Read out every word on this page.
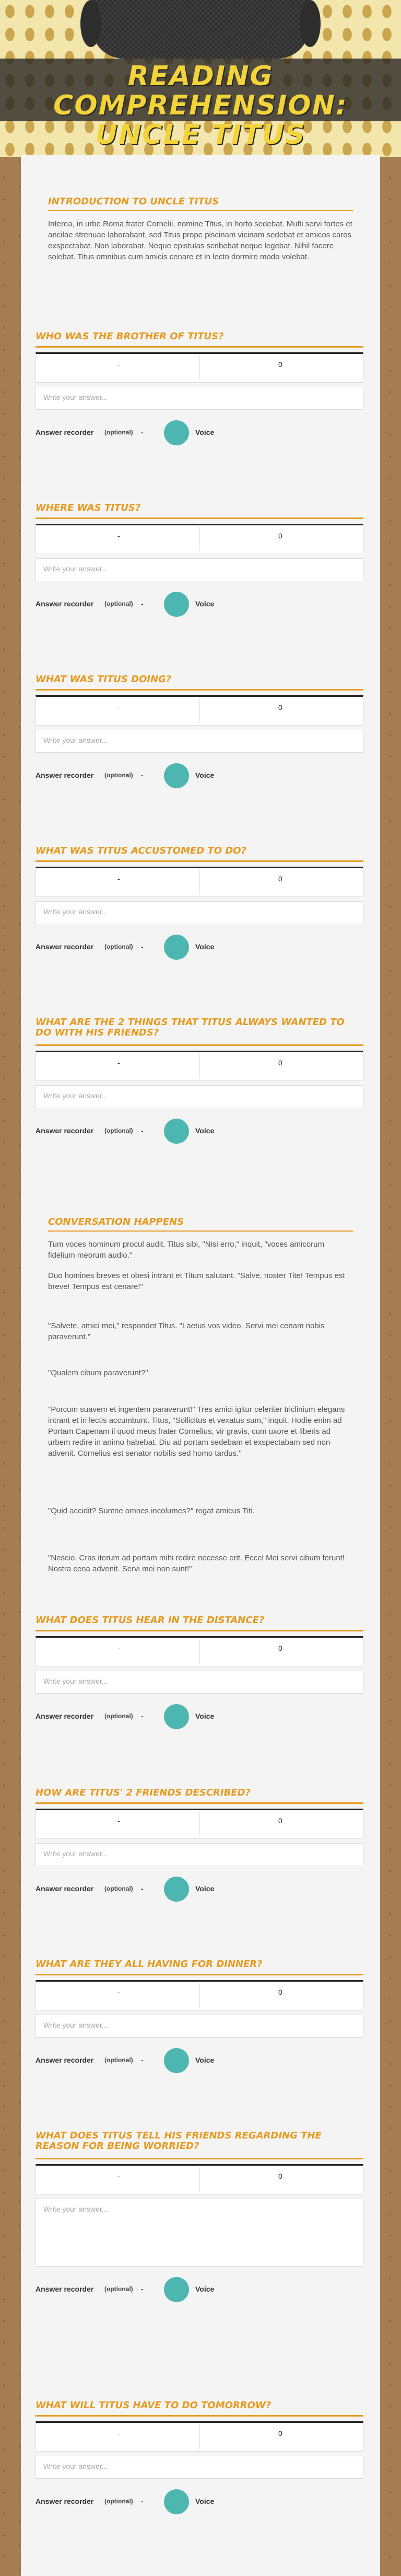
READING COMPREHENSION: UNCLE TITUS
INTRODUCTION TO UNCLE TITUS
Interea, in urbe Roma frater Cornelii, nomine Titus, in horto sedebat. Multi servi fortes et ancilae strenuae laborabant, sed Titus prope piscinam vicinam sedebat et amicos caros exspectabat. Non laborabat. Neque epistulas scribebat neque legebat. Nihil facere solebat. Titus omnibus cum amicis cenare et in lecto dormire modo volebat.
CONVERSATION HAPPENS
Tum voces hominum procul audit. Titus sibi, "Nisi erro," inquit, "voces amicorum fidelium meorum audio."
Duo homines breves et obesi intrant et Titum salutant. "Salve, noster Tite! Tempus est breve! Tempus est cenare!"
"Salvete, amici mei," respondet Titus. "Laetus vos video. Servi mei cenam nobis paraverunt."
"Qualem cibum paraverunt?"
"Porcum suavem et ingentem paraverunt!" Tres amici igitur celeriter triclinium elegans intrant et in lectis accumbunt. Titus, "Sollicitus et vexatus sum," inquit. Hodie enim ad Portam Capenam il quod meus frater Cornelius, vir gravis, cum uxore et liberis ad urbem redire in animo habebat. Diu ad portam sedebam et exspectabam sed non advenit. Cornelius est senator nobilis sed homo tardus."
"Quid accidit? Suntne omnes incolumes?" rogat amicus Titi.
"Nescio. Cras iterum ad portam mihi redire necesse erit. Eccel Mei servi cibum ferunt! Nostra cena advenit. Servi mei non sunt!"
WHO WAS THE BROTHER OF TITUS?
-	0
Write your answer...
Answer recorder (optional) -	Voice
WHERE WAS TITUS?
-	0
Write your answer...
Answer recorder (optional) -	Voice
WHAT WAS TITUS DOING?
-	0
Write your answer...
Answer recorder (optional) -	Voice
WHAT WAS TITUS ACCUSTOMED TO DO?
-	0
Write your answer...
Answer recorder (optional) -	Voice
WHAT ARE THE 2 THINGS THAT TITUS ALWAYS WANTED TO DO WITH HIS FRIENDS?
-	0
Write your answer...
Answer recorder (optional) -	Voice
WHAT DOES TITUS HEAR IN THE DISTANCE?
-	0
Write your answer...
Answer recorder (optional) -	Voice
HOW ARE TITUS' 2 FRIENDS DESCRIBED?
-	0
Write your answer...
Answer recorder (optional) -	Voice
WHAT ARE THEY ALL HAVING FOR DINNER?
-	0
Write your answer...
Answer recorder (optional) -	Voice
WHAT DOES TITUS TELL HIS FRIENDS REGARDING THE REASON FOR BEING WORRIED?
-	0
Write your answer...
Answer recorder (optional) -	Voice
WHAT WILL TITUS HAVE TO DO TOMORROW?
-	0
Write your answer...
Answer recorder (optional) -	Voice
